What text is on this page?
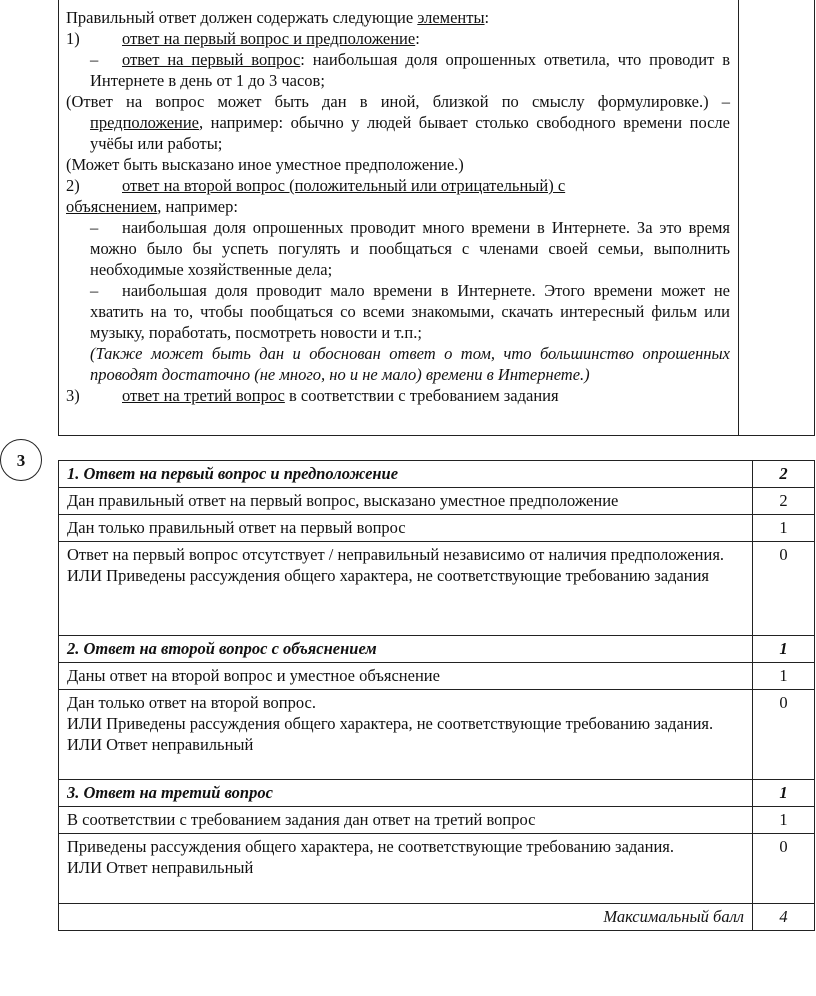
Правильный ответ должен содержать следующие элементы:

1)	ответ на первый вопрос и предположение:

– ответ на первый вопрос: наибольшая доля опрошенных ответила, что проводит в Интернете в день от 1 до 3 часов;

(Ответ на вопрос может быть дан в иной, близкой по смыслу формулировке.) – предположение, например: обычно у людей бывает столько свободного времени после учёбы или работы;

(Может быть высказано иное уместное предположение.)

2)	ответ на второй вопрос (положительный или отрицательный) с
объяснением, например:

– наибольшая доля опрошенных проводит много времени в Интернете. За это время можно было бы успеть погулять и пообщаться с членами своей семьи, выполнить необходимые хозяйственные дела;

– наибольшая доля проводит мало времени в Интернете. Этого времени может не хватить на то, чтобы пообщаться со всеми знакомыми, скачать интересный фильм или музыку, поработать, посмотреть новости и т.п.;

(Также может быть дан и обоснован ответ о том, что большинство опрошенных проводят достаточно (не много, но и не мало) времени в Интернете.)

3)	ответ на третий вопрос в соответствии с требованием задания

3
1. Ответ на первый вопрос и предположение	2
Дан правильный ответ на первый вопрос, высказано уместное предположение	2
Дан только правильный ответ на первый вопрос	1
Ответ на первый вопрос отсутствует / неправильный независимо от наличия предположения.
ИЛИ Приведены рассуждения общего характера, не соответствующие требованию задания	0
2. Ответ на второй вопрос с объяснением	1
Даны ответ на второй вопрос и уместное объяснение	1
Дан только ответ на второй вопрос.
ИЛИ Приведены рассуждения общего характера, не соответствующие требованию задания.
ИЛИ Ответ неправильный	0
3. Ответ на третий вопрос	1
В соответствии с требованием задания дан ответ на третий вопрос	1
Приведены рассуждения общего характера, не соответствующие требованию задания.
ИЛИ Ответ неправильный	0
Максимальный балл	4
